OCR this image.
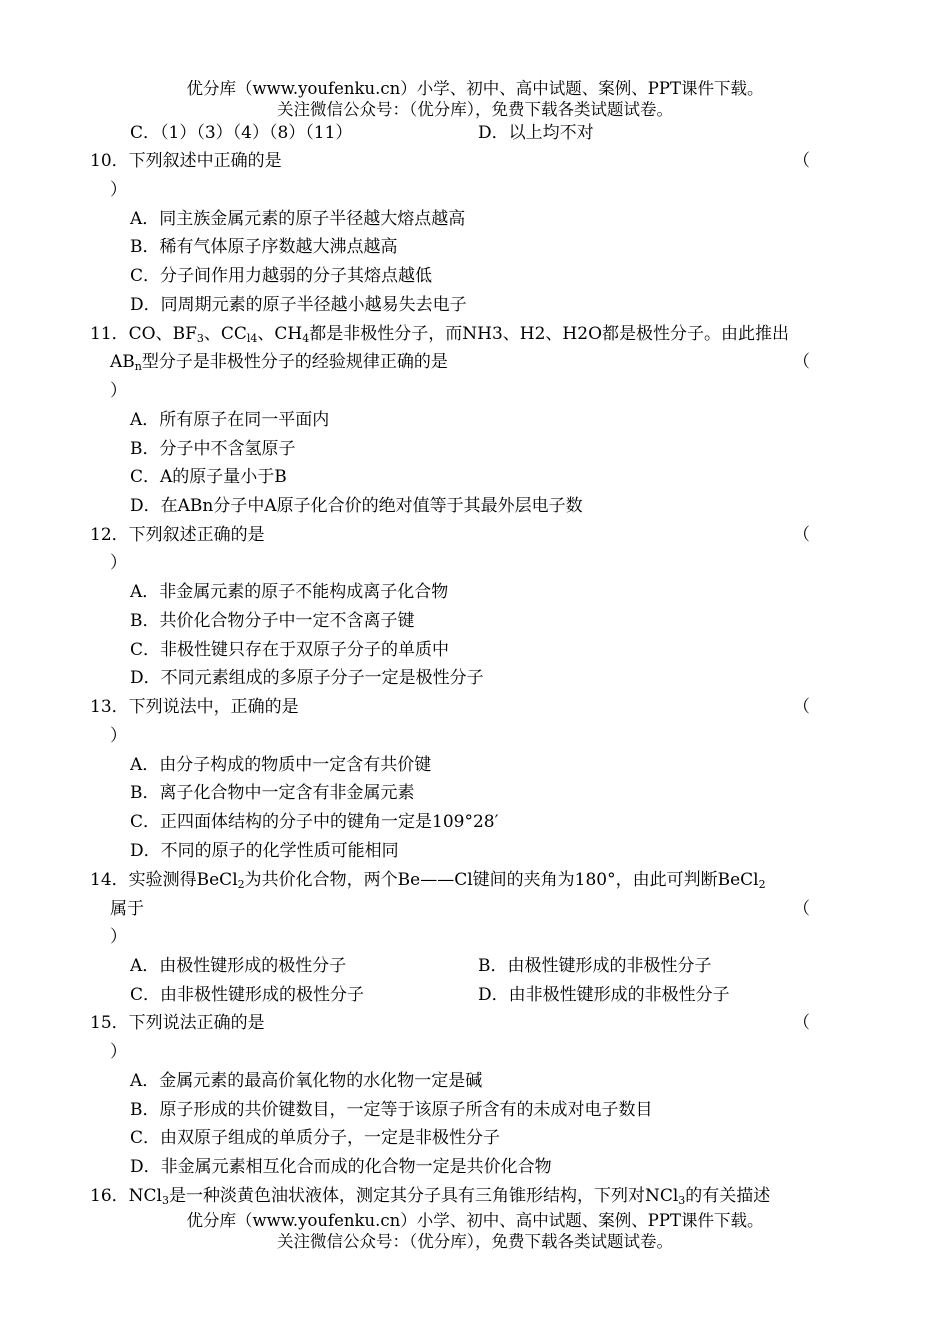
优分库（www.youfenku.cn）小学、初中、高中试题、案例、PPT课件下载。
关注微信公众号：（优分库），免费下载各类试题试卷。
C．（1）（3）（4）（8）（11）	D．以上均不对
10．下列叙述中正确的是	（
）
A．同主族金属元素的原子半径越大熔点越高
B．稀有气体原子序数越大沸点越高
C．分子间作用力越弱的分子其熔点越低
D．同周期元素的原子半径越小越易失去电子
11．CO、$BF_3$、$CC_{l4}$、$CH_4$都是非极性分子，而NH3、H2、H2O都是极性分子。由此推出
$AB_n$型分子是非极性分子的经验规律正确的是	（
）
A．所有原子在同一平面内
B．分子中不含氢原子
C．A的原子量小于B
D．在ABn分子中A原子化合价的绝对值等于其最外层电子数
12．下列叙述正确的是	（
）
A．非金属元素的原子不能构成离子化合物
B．共价化合物分子中一定不含离子键
C．非极性键只存在于双原子分子的单质中
D．不同元素组成的多原子分子一定是极性分子
13．下列说法中，正确的是	（
）
A．由分子构成的物质中一定含有共价键
B．离子化合物中一定含有非金属元素
C．正四面体结构的分子中的键角一定是109°28′
D．不同的原子的化学性质可能相同
14．实验测得BeCl$_2$为共价化合物，两个Be——Cl键间的夹角为180°，由此可判断BeCl$_2$
属于	（
）
A．由极性键形成的极性分子	B．由极性键形成的非极性分子
C．由非极性键形成的极性分子	D．由非极性键形成的非极性分子
15．下列说法正确的是	（
）
A．金属元素的最高价氧化物的水化物一定是碱
B．原子形成的共价键数目，一定等于该原子所含有的未成对电子数目
C．由双原子组成的单质分子，一定是非极性分子
D．非金属元素相互化合而成的化合物一定是共价化合物
16．NCl$_3$是一种淡黄色油状液体，测定其分子具有三角锥形结构，下列对NCl$_3$的有关描述
优分库（www.youfenku.cn）小学、初中、高中试题、案例、PPT课件下载。
关注微信公众号：（优分库），免费下载各类试题试卷。
